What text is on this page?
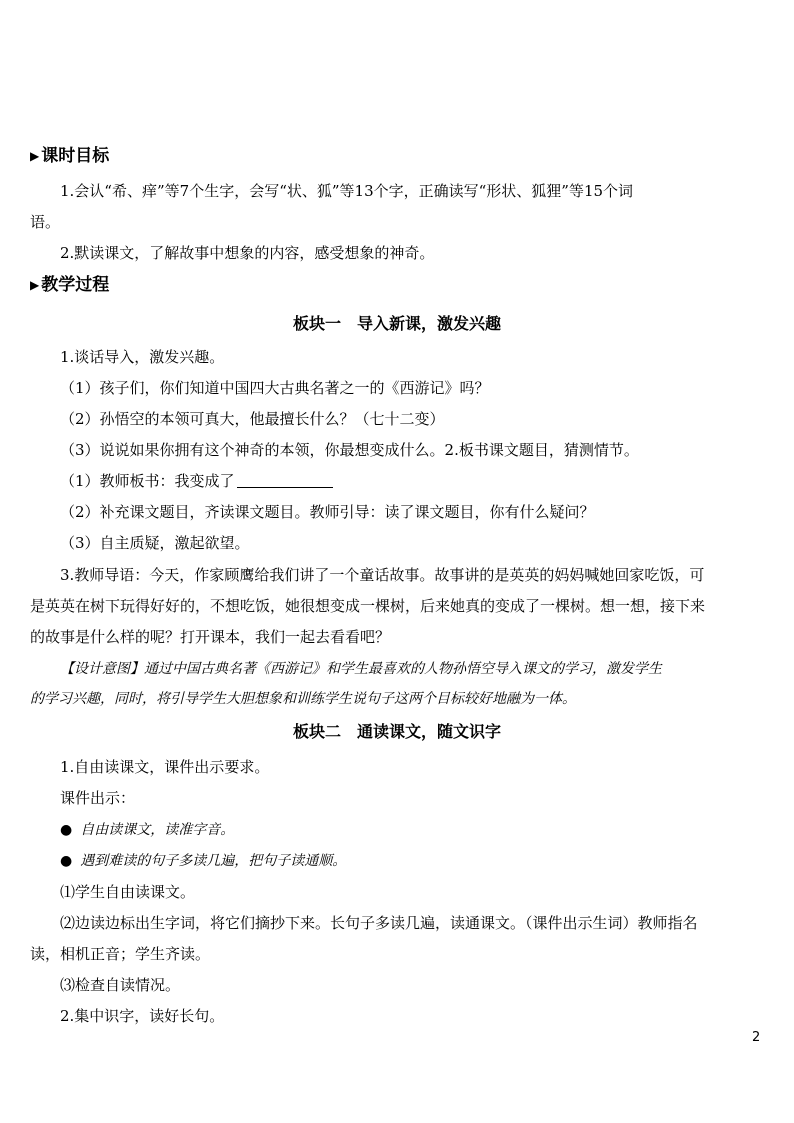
▶ 课时目标
1.会认“希、痒”等7个生字，会写“状、狐”等13个字，正确读写“形状、狐狸”等15个词
语。
2.默读课文，了解故事中想象的内容，感受想象的神奇。
▶ 教学过程
板块一　导入新课，激发兴趣
1.谈话导入，激发兴趣。
（1）孩子们，你们知道中国四大古典名著之一的《西游记》吗？
（2）孙悟空的本领可真大，他最擅长什么？（七十二变）
（3）说说如果你拥有这个神奇的本领，你最想变成什么。2.板书课文题目，猜测情节。
（1）教师板书：我变成了
（2）补充课文题目，齐读课文题目。教师引导：读了课文题目，你有什么疑问？
（3）自主质疑，激起欲望。
3.教师导语：今天，作家顾鹰给我们讲了一个童话故事。故事讲的是英英的妈妈喊她回家吃饭，可
是英英在树下玩得好好的，不想吃饭，她很想变成一棵树，后来她真的变成了一棵树。想一想，接下来
的故事是什么样的呢？打开课本，我们一起去看看吧？
【设计意图】通过中国古典名著《西游记》和学生最喜欢的人物孙悟空导入课文的学习，激发学生
的学习兴趣，同时，将引导学生大胆想象和训练学生说句子这两个目标较好地融为一体。
板块二　通读课文，随文识字
1.自由读课文，课件出示要求。
课件出示：
● 自由读课文，读准字音。
● 遇到难读的句子多读几遍，把句子读通顺。
⑴学生自由读课文。
⑵边读边标出生字词，将它们摘抄下来。长句子多读几遍，读通课文。（课件出示生词）教师指名
读，相机正音；学生齐读。
⑶检查自读情况。
2.集中识字，读好长句。
2
